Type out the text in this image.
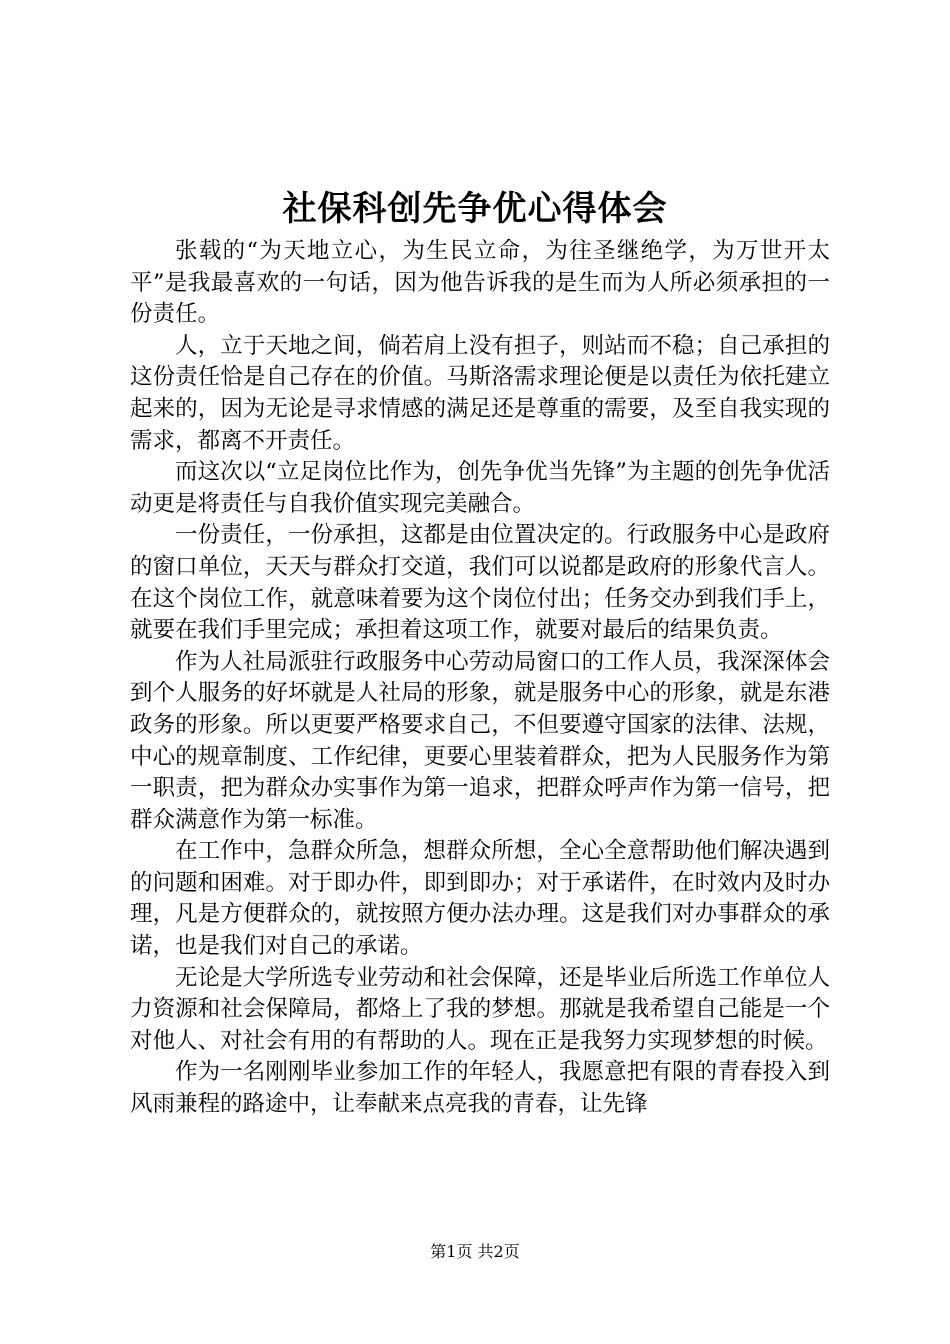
社保科创先争优心得体会

张载的“为天地立心，为生民立命，为往圣继绝学，为万世开太平”是我最喜欢的一句话，因为他告诉我的是生而为人所必须承担的一份责任。

人，立于天地之间，倘若肩上没有担子，则站而不稳；自己承担的这份责任恰是自己存在的价值。马斯洛需求理论便是以责任为依托建立起来的，因为无论是寻求情感的满足还是尊重的需要，及至自我实现的需求，都离不开责任。

而这次以“立足岗位比作为，创先争优当先锋”为主题的创先争优活动更是将责任与自我价值实现完美融合。

一份责任，一份承担，这都是由位置决定的。行政服务中心是政府的窗口单位，天天与群众打交道，我们可以说都是政府的形象代言人。在这个岗位工作，就意味着要为这个岗位付出；任务交办到我们手上，就要在我们手里完成；承担着这项工作，就要对最后的结果负责。

作为人社局派驻行政服务中心劳动局窗口的工作人员，我深深体会到个人服务的好坏就是人社局的形象，就是服务中心的形象，就是东港政务的形象。所以更要严格要求自己，不但要遵守国家的法律、法规，中心的规章制度、工作纪律，更要心里装着群众，把为人民服务作为第一职责，把为群众办实事作为第一追求，把群众呼声作为第一信号，把群众满意作为第一标准。

在工作中，急群众所急，想群众所想，全心全意帮助他们解决遇到的问题和困难。对于即办件，即到即办；对于承诺件，在时效内及时办理，凡是方便群众的，就按照方便办法办理。这是我们对办事群众的承诺，也是我们对自己的承诺。

无论是大学所选专业劳动和社会保障，还是毕业后所选工作单位人力资源和社会保障局，都烙上了我的梦想。那就是我希望自己能是一个对他人、对社会有用的有帮助的人。现在正是我努力实现梦想的时候。

作为一名刚刚毕业参加工作的年轻人，我愿意把有限的青春投入到风雨兼程的路途中，让奉献来点亮我的青春，让先锋

第1页 共2页
